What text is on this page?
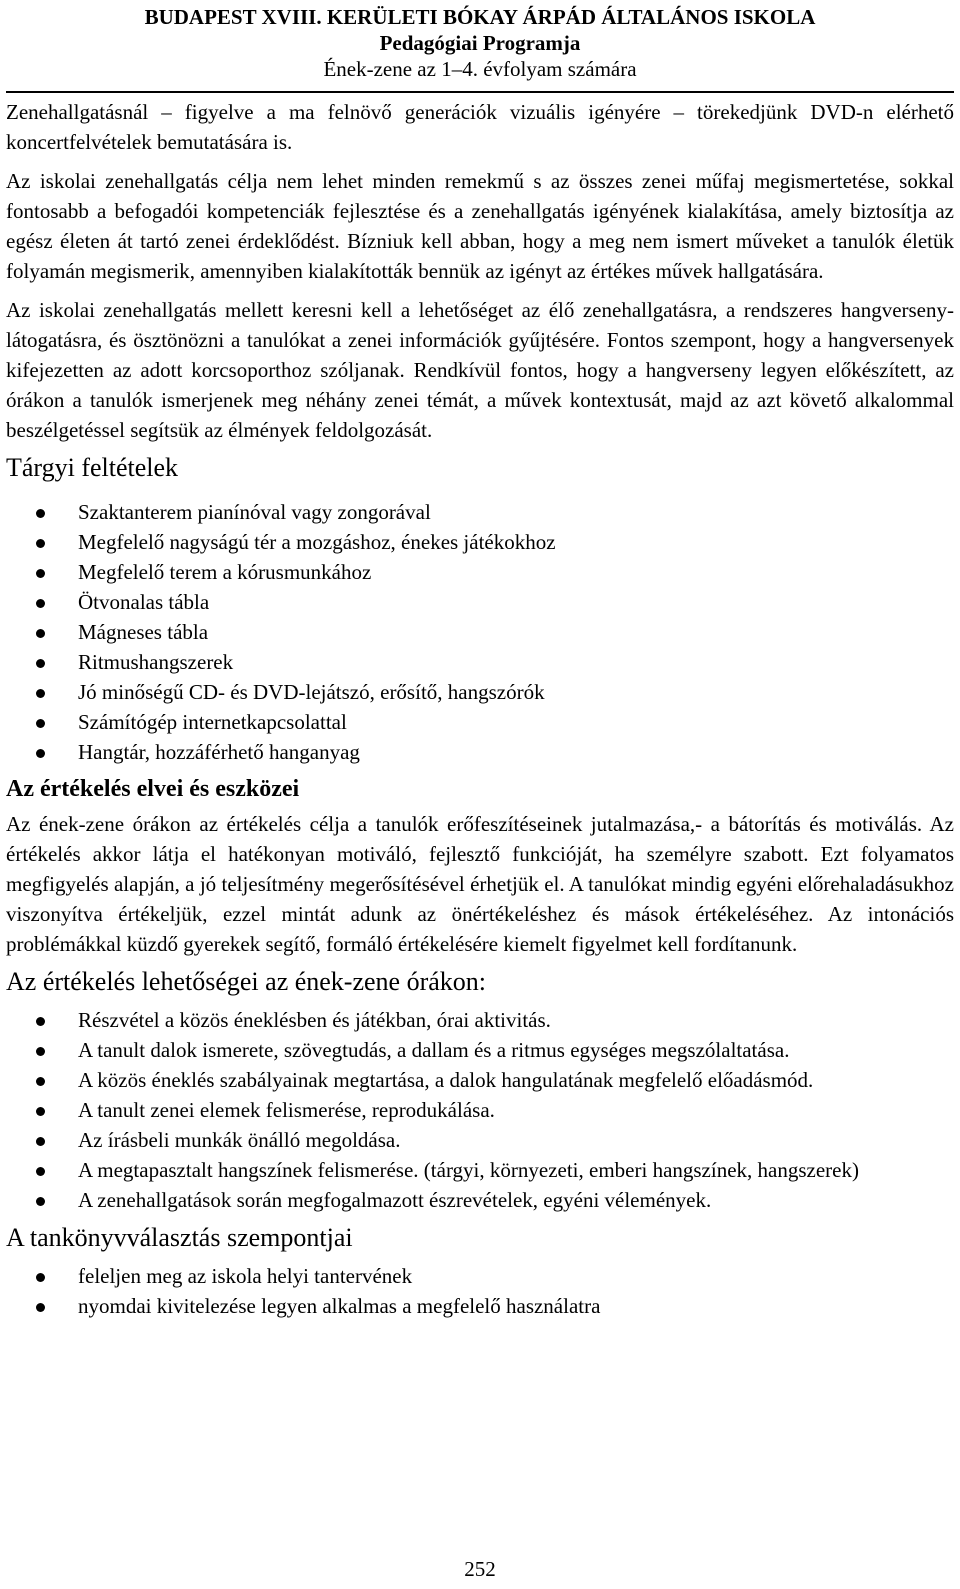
BUDAPEST XVIII. KERÜLETI BÓKAY ÁRPÁD ÁLTALÁNOS ISKOLA
Pedagógiai Programja
Ének-zene az 1–4. évfolyam számára

Zenehallgatásnál – figyelve a ma felnövő generációk vizuális igényére – törekedjünk DVD-n elérhető koncertfelvételek bemutatására is.

Az iskolai zenehallgatás célja nem lehet minden remekmű s az összes zenei műfaj megismertetése, sokkal fontosabb a befogadói kompetenciák fejlesztése és a zenehallgatás igényének kialakítása, amely biztosítja az egész életen át tartó zenei érdeklődést. Bízniuk kell abban, hogy a meg nem ismert műveket a tanulók életük folyamán megismerik, amennyiben kialakították bennük az igényt az értékes művek hallgatására.

Az iskolai zenehallgatás mellett keresni kell a lehetőséget az élő zenehallgatásra, a rendszeres hangverseny-látogatásra, és ösztönözni a tanulókat a zenei információk gyűjtésére. Fontos szempont, hogy a hangversenyek kifejezetten az adott korcsoporthoz szóljanak. Rendkívül fontos, hogy a hangverseny legyen előkészített, az órákon a tanulók ismerjenek meg néhány zenei témát, a művek kontextusát, majd az azt követő alkalommal beszélgetéssel segítsük az élmények feldolgozását.

Tárgyi feltételek
Szaktanterem pianínóval vagy zongorával
Megfelelő nagyságú tér a mozgáshoz, énekes játékokhoz
Megfelelő terem a kórusmunkához
Ötvonalas tábla
Mágneses tábla
Ritmushangszerek
Jó minőségű CD- és DVD-lejátszó, erősítő, hangszórók
Számítógép internetkapcsolattal
Hangtár, hozzáférhető hanganyag
Az értékelés elvei és eszközei

Az ének-zene órákon az értékelés célja a tanulók erőfeszítéseinek jutalmazása,- a bátorítás és motiválás. Az értékelés akkor látja el hatékonyan motiváló, fejlesztő funkcióját, ha személyre szabott. Ezt folyamatos megfigyelés alapján, a jó teljesítmény megerősítésével érhetjük el. A tanulókat mindig egyéni előrehaladásukhoz viszonyítva értékeljük, ezzel mintát adunk az önértékeléshez és mások értékeléséhez. Az intonációs problémákkal küzdő gyerekek segítő, formáló értékelésére kiemelt figyelmet kell fordítanunk.

Az értékelés lehetőségei az ének-zene órákon:
Részvétel a közös éneklésben és játékban, órai aktivitás.
A tanult dalok ismerete, szövegtudás, a dallam és a ritmus egységes megszólaltatása.
A közös éneklés szabályainak megtartása, a dalok hangulatának megfelelő előadásmód.
A tanult zenei elemek felismerése, reprodukálása.
Az írásbeli munkák önálló megoldása.
A megtapasztalt hangszínek felismerése. (tárgyi, környezeti, emberi hangszínek, hangszerek)
A zenehallgatások során megfogalmazott észrevételek, egyéni vélemények.
A tankönyvválasztás szempontjai
feleljen meg az iskola helyi tantervének
nyomdai kivitelezése legyen alkalmas a megfelelő használatra
252
